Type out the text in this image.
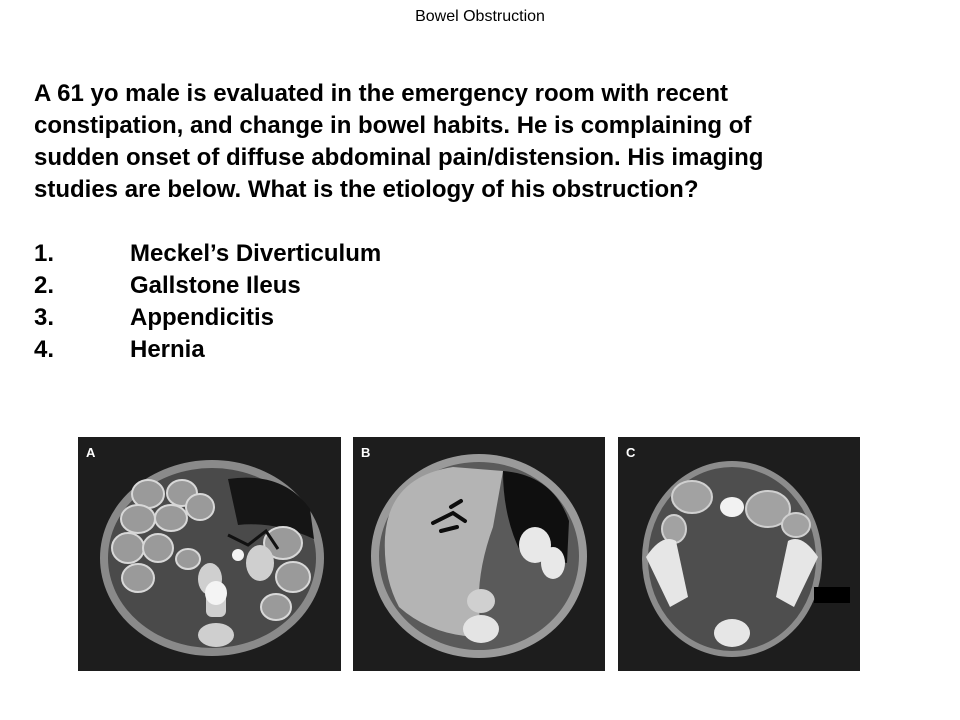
Bowel Obstruction

A 61 yo male is evaluated in the emergency room with recent

constipation, and change in bowel habits. He is complaining of

sudden onset of diffuse abdominal pain/distension. His imaging

studies are below. What is the etiology of his obstruction?

1.	Meckel’s Diverticulum
2.	Gallstone Ileus
3.	Appendicitis
4.	Hernia
A	B	C
